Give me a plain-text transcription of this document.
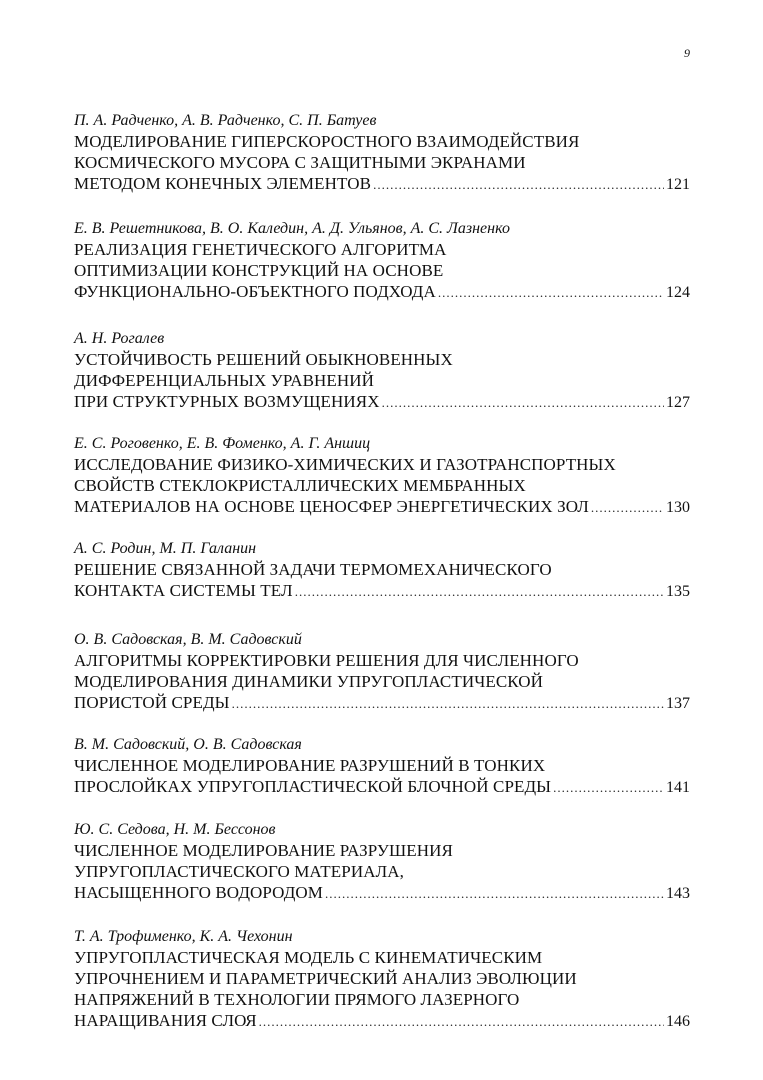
9
П. А. Радченко, А. В. Радченко, С. П. Батуев
МОДЕЛИРОВАНИЕ ГИПЕРСКОРОСТНОГО ВЗАИМОДЕЙСТВИЯ
КОСМИЧЕСКОГО МУСОРА С ЗАЩИТНЫМИ ЭКРАНАМИ
МЕТОДОМ КОНЕЧНЫХ ЭЛЕМЕНТОВ .....	121
Е. В. Решетникова, В. О. Каледин, А. Д. Ульянов, А. С. Лазненко
РЕАЛИЗАЦИЯ ГЕНЕТИЧЕСКОГО АЛГОРИТМА
ОПТИМИЗАЦИИ КОНСТРУКЦИЙ НА ОСНОВЕ
ФУНКЦИОНАЛЬНО-ОБЪЕКТНОГО ПОДХОДА .....	124
А. Н. Рогалев
УСТОЙЧИВОСТЬ РЕШЕНИЙ ОБЫКНОВЕННЫХ
ДИФФЕРЕНЦИАЛЬНЫХ УРАВНЕНИЙ
ПРИ СТРУКТУРНЫХ ВОЗМУЩЕНИЯХ .....	127
Е. С. Роговенко, Е. В. Фоменко, А. Г. Аншиц
ИССЛЕДОВАНИЕ ФИЗИКО-ХИМИЧЕСКИХ И ГАЗОТРАНСПОРТНЫХ
СВОЙСТВ СТЕКЛОКРИСТАЛЛИЧЕСКИХ МЕМБРАННЫХ
МАТЕРИАЛОВ НА ОСНОВЕ ЦЕНОСФЕР ЭНЕРГЕТИЧЕСКИХ ЗОЛ .....	130
А. С. Родин, М. П. Галанин
РЕШЕНИЕ СВЯЗАННОЙ ЗАДАЧИ ТЕРМОМЕХАНИЧЕСКОГО
КОНТАКТА СИСТЕМЫ ТЕЛ .....	135
О. В. Садовская, В. М. Садовский
АЛГОРИТМЫ КОРРЕКТИРОВКИ РЕШЕНИЯ ДЛЯ ЧИСЛЕННОГО
МОДЕЛИРОВАНИЯ ДИНАМИКИ УПРУГОПЛАСТИЧЕСКОЙ
ПОРИСТОЙ СРЕДЫ .....	137
В. М. Садовский, О. В. Садовская
ЧИСЛЕННОЕ МОДЕЛИРОВАНИЕ РАЗРУШЕНИЙ В ТОНКИХ
ПРОСЛОЙКАХ УПРУГОПЛАСТИЧЕСКОЙ БЛОЧНОЙ СРЕДЫ .....	141
Ю. С. Седова, Н. М. Бессонов
ЧИСЛЕННОЕ МОДЕЛИРОВАНИЕ РАЗРУШЕНИЯ
УПРУГОПЛАСТИЧЕСКОГО МАТЕРИАЛА,
НАСЫЩЕННОГО ВОДОРОДОМ .....	143
Т. А. Трофименко, К. А. Чехонин
УПРУГОПЛАСТИЧЕСКАЯ МОДЕЛЬ С КИНЕМАТИЧЕСКИМ
УПРОЧНЕНИЕМ И ПАРАМЕТРИЧЕСКИЙ АНАЛИЗ ЭВОЛЮЦИИ
НАПРЯЖЕНИЙ В ТЕХНОЛОГИИ ПРЯМОГО ЛАЗЕРНОГО
НАРАЩИВАНИЯ СЛОЯ .....	146
